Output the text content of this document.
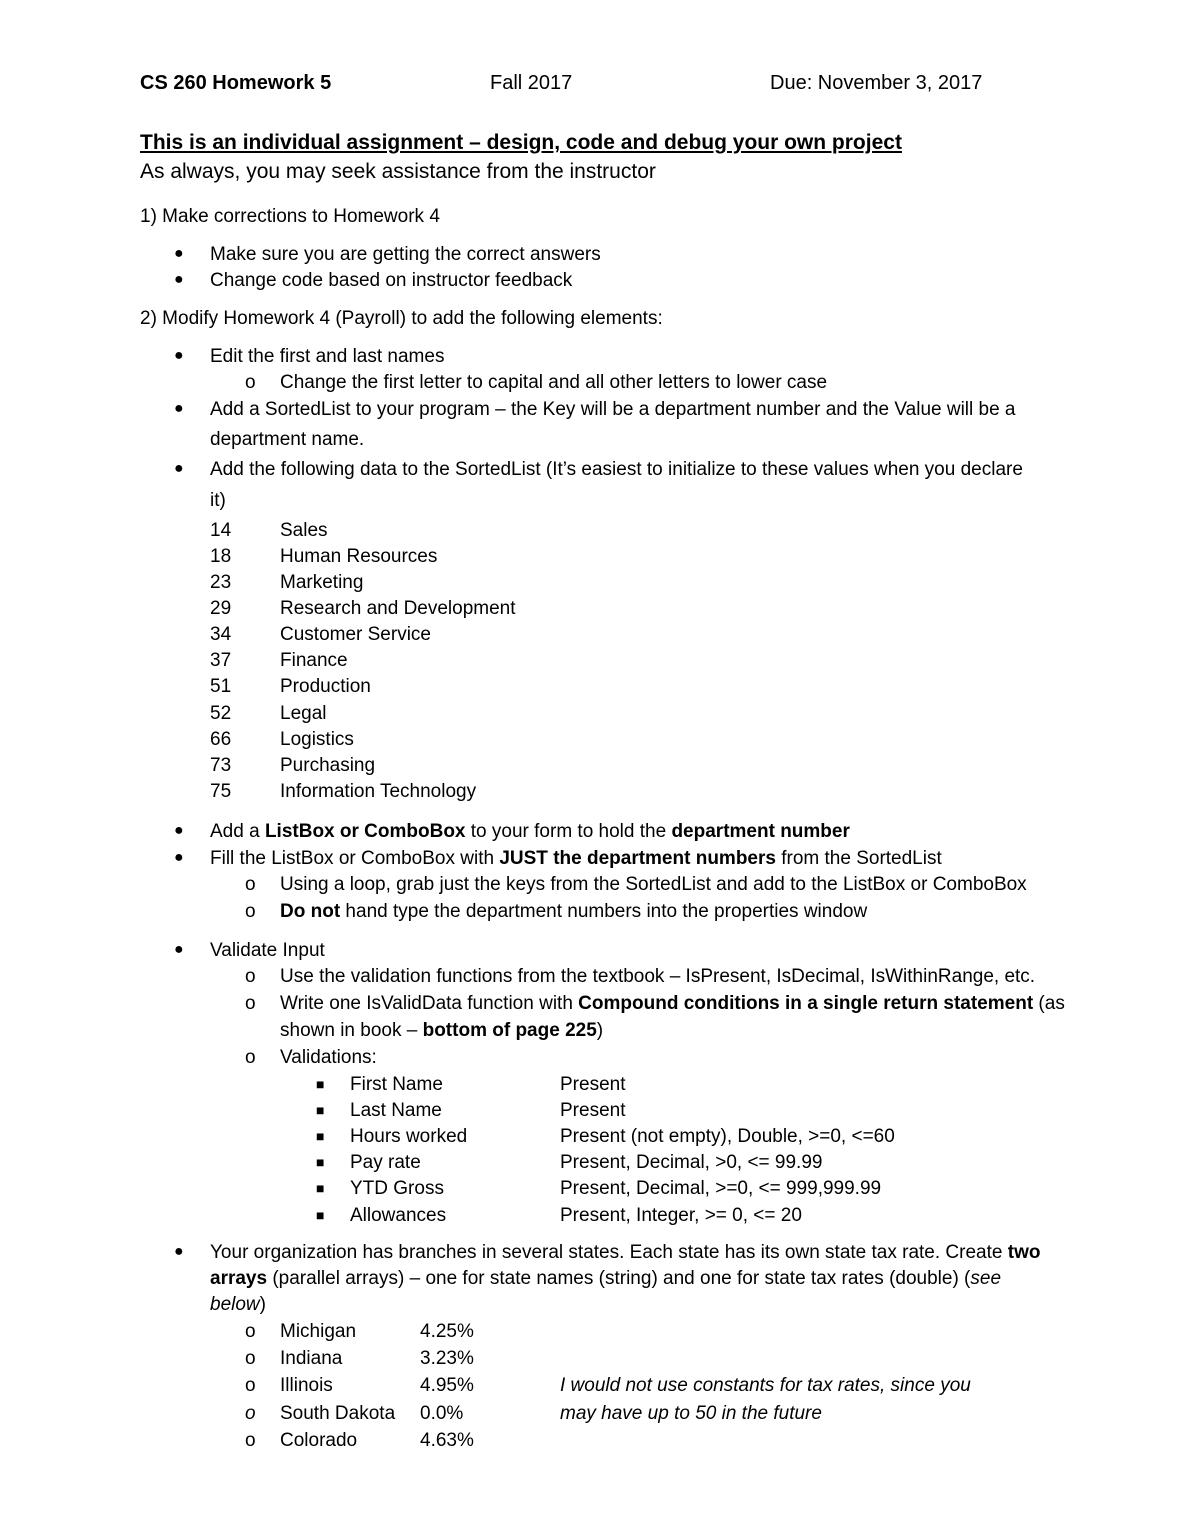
CS 260 Homework 5	Fall 2017	Due: November 3, 2017
This is an individual assignment – design, code and debug your own project
As always, you may seek assistance from the instructor
1) Make corrections to Homework 4
● Make sure you are getting the correct answers
● Change code based on instructor feedback
2) Modify Homework 4 (Payroll) to add the following elements:
● Edit the first and last names
o Change the first letter to capital and all other letters to lower case
● Add a SortedList to your program – the Key will be a department number and the Value will be a
department name.
● Add the following data to the SortedList (It’s easiest to initialize to these values when you declare
it)
14	Sales
18	Human Resources
23	Marketing
29	Research and Development
34	Customer Service
37	Finance
51	Production
52	Legal
66	Logistics
73	Purchasing
75	Information Technology
● Add a ListBox or ComboBox to your form to hold the department number
● Fill the ListBox or ComboBox with JUST the department numbers from the SortedList
o Using a loop, grab just the keys from the SortedList and add to the ListBox or ComboBox
o Do not hand type the department numbers into the properties window
● Validate Input
o Use the validation functions from the textbook – IsPresent, IsDecimal, IsWithinRange, etc.
o Write one IsValidData function with Compound conditions in a single return statement (as
shown in book – bottom of page 225)
o Validations:
■ First Name	Present
■ Last Name	Present
■ Hours worked	Present (not empty), Double, >=0, <=60
■ Pay rate	Present, Decimal, >0, <= 99.99
■ YTD Gross	Present, Decimal, >=0, <= 999,999.99
■ Allowances	Present, Integer, >= 0, <= 20
● Your organization has branches in several states. Each state has its own state tax rate. Create two
arrays (parallel arrays) – one for state names (string) and one for state tax rates (double) (see
below)
o Michigan	4.25%
o Indiana	3.23%
o Illinois	4.95%
o South Dakota 0.0%
o Colorado	4.63%
I would not use constants for tax rates, since you
may have up to 50 in the future
